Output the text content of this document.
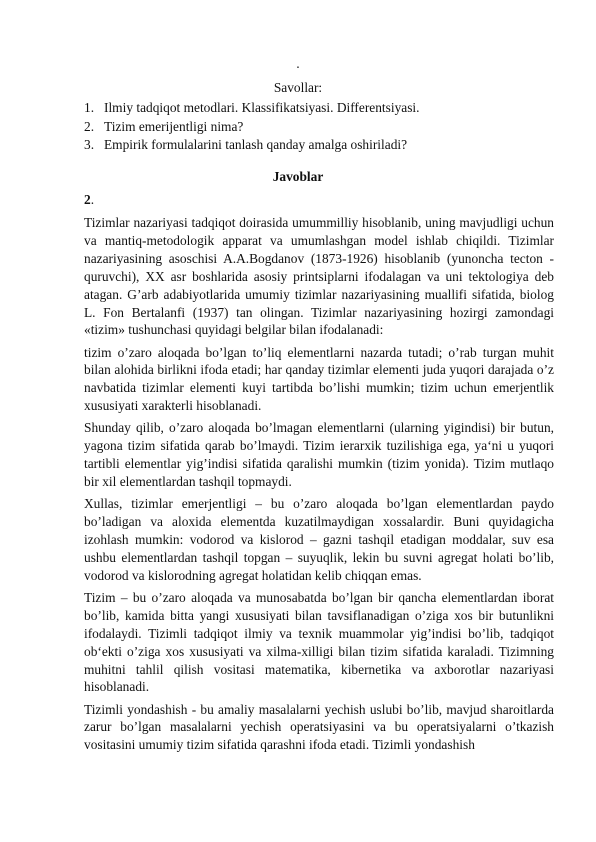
·
Savollar:
1. Ilmiy tadqiqot metodlari. Klassifikatsiyasi. Differentsiyasi.
2. Tizim emerijentligi nima?
3. Empirik formulalarini tanlash qanday amalga oshiriladi?
Javoblar
2.

Tizimlar nazariyasi tadqiqot doirasida umummilliy hisoblanib, uning mavjudligi uchun va mantiq-metodologik apparat va umumlashgan model ishlab chiqildi. Tizimlar nazariyasining asoschisi A.A.Bogdanov (1873-1926) hisoblanib (yunoncha tecton -quruvchi), XX asr boshlarida asosiy printsiplarni ifodalagan va uni tektologiya deb atagan. G’arb adabiyotlarida umumiy tizimlar nazariyasining muallifi sifatida, biolog L. Fon Bertalanfi (1937) tan olingan. Tizimlar nazariyasining hozirgi zamondagi «tizim» tushunchasi quyidagi belgilar bilan ifodalanadi:

tizim o’zaro aloqada bo’lgan to’liq elementlarni nazarda tutadi; o’rab turgan muhit bilan alohida birlikni ifoda etadi; har qanday tizimlar elementi juda yuqori darajada o’z navbatida tizimlar elementi kuyi tartibda bo’lishi mumkin; tizim uchun emerjentlik xususiyati xarakterli hisoblanadi.

Shunday qilib, o’zaro aloqada bo’lmagan elementlarni (ularning yigindisi) bir butun, yagona tizim sifatida qarab bo’lmaydi. Tizim ierarxik tuzilishiga ega, ya‘ni u yuqori tartibli elementlar yig’indisi sifatida qaralishi mumkin (tizim yonida). Tizim mutlaqo bir xil elementlardan tashqil topmaydi.

Xullas, tizimlar emerjentligi – bu o’zaro aloqada bo’lgan elementlardan paydo bo’ladigan va aloxida elementda kuzatilmaydigan xossalardir. Buni quyidagicha izohlash mumkin: vodorod va kislorod – gazni tashqil etadigan moddalar, suv esa ushbu elementlardan tashqil topgan – suyuqlik, lekin bu suvni agregat holati bo’lib, vodorod va kislorodning agregat holatidan kelib chiqqan emas.

Tizim – bu o’zaro aloqada va munosabatda bo’lgan bir qancha elementlardan iborat bo’lib, kamida bitta yangi xususiyati bilan tavsiflanadigan o’ziga xos bir butunlikni ifodalaydi. Tizimli tadqiqot ilmiy va texnik muammolar yig’indisi bo’lib, tadqiqot ob‘ekti o’ziga xos xususiyati va xilma-xilligi bilan tizim sifatida karaladi. Tizimning muhitni tahlil qilish vositasi matematika, kibernetika va axborotlar nazariyasi hisoblanadi.

Tizimli yondashish - bu amaliy masalalarni yechish uslubi bo’lib, mavjud sharoitlarda zarur bo’lgan masalalarni yechish operatsiyasini va bu operatsiyalarni o’tkazish vositasini umumiy tizim sifatida qarashni ifoda etadi. Tizimli yondashish
